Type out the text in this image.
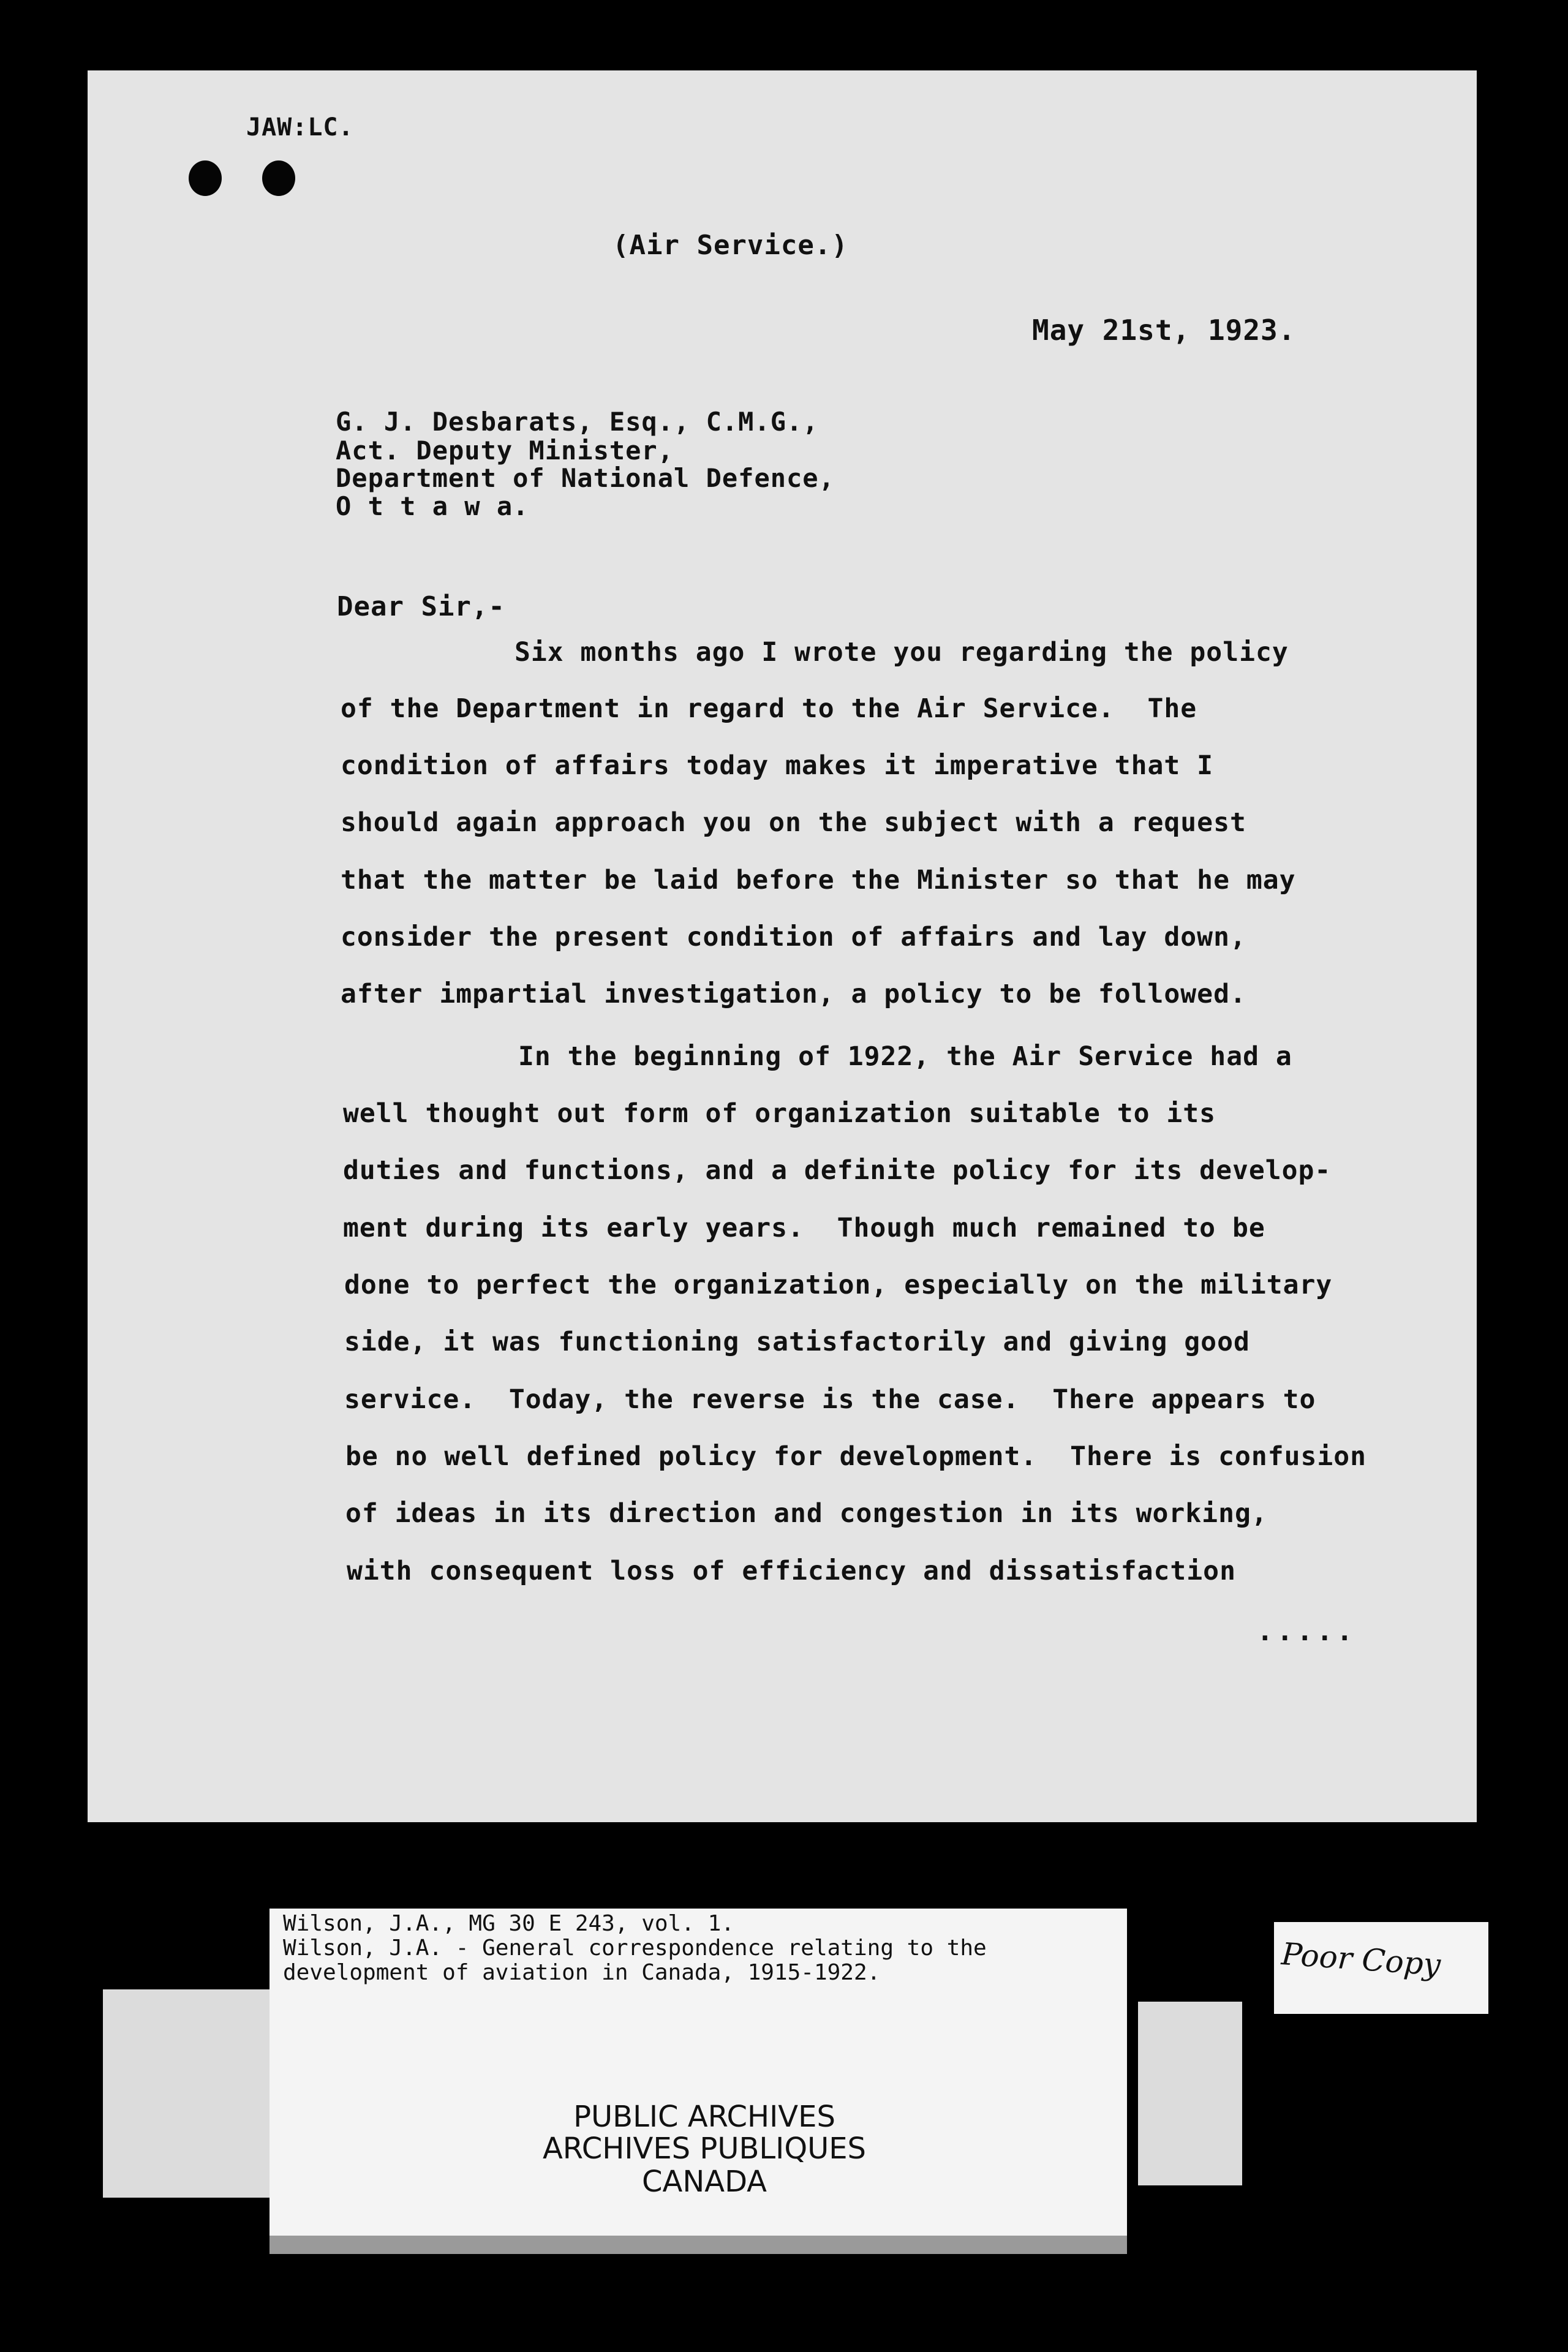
JAW:LC.
(Air Service.)
May 21st, 1923.
G. J. Desbarats, Esq., C.M.G.,
Act. Deputy Minister,
Department of National Defence,
O t t a w a.
Dear Sir,-
Six months ago I wrote you regarding the policy
of the Department in regard to the Air Service.  The
condition of affairs today makes it imperative that I
should again approach you on the subject with a request
that the matter be laid before the Minister so that he may
consider the present condition of affairs and lay down,
after impartial investigation, a policy to be followed.
In the beginning of 1922, the Air Service had a
well thought out form of organization suitable to its
duties and functions, and a definite policy for its develop-
ment during its early years.  Though much remained to be
done to perfect the organization, especially on the military
side, it was functioning satisfactorily and giving good
service.  Today, the reverse is the case.  There appears to
be no well defined policy for development.  There is confusion
of ideas in its direction and congestion in its working,
with consequent loss of efficiency and dissatisfaction
.....
Wilson, J.A., MG 30 E 243, vol. 1.
Wilson, J.A. - General correspondence relating to the
development of aviation in Canada, 1915-1922.
PUBLIC ARCHIVES
ARCHIVES PUBLIQUES
CANADA
Poor Copy
